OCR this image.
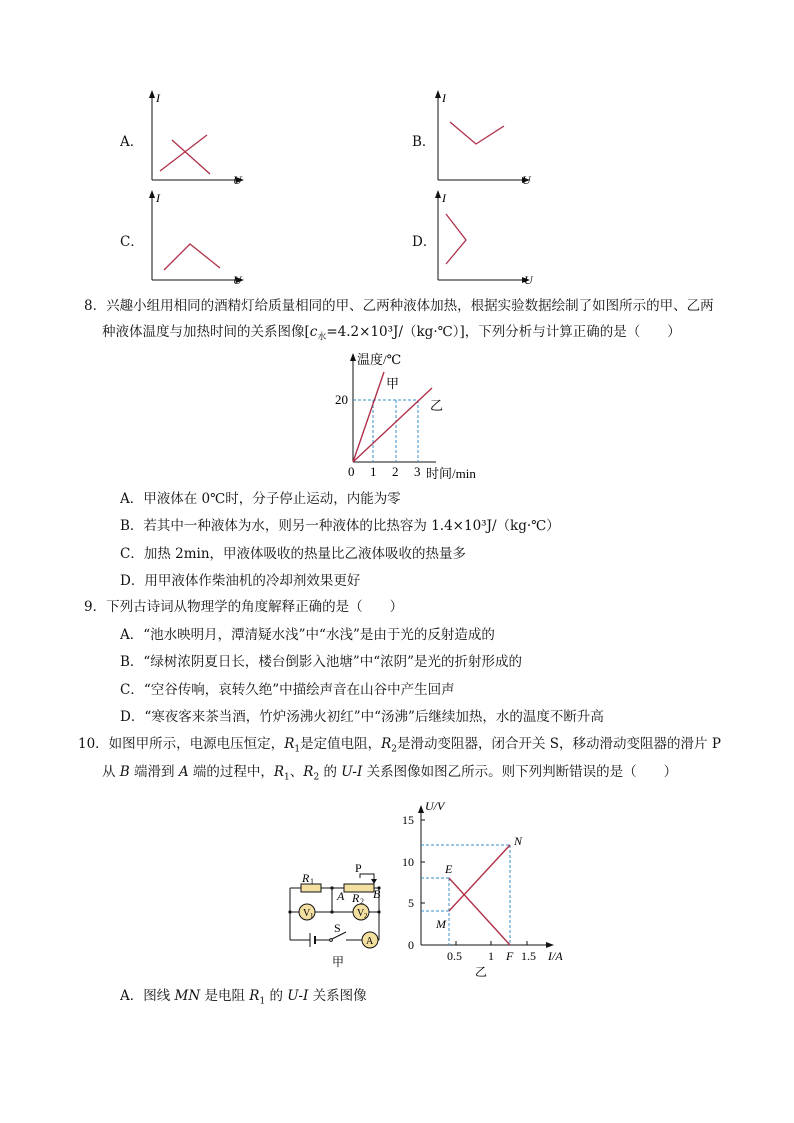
A．
I
U
B．
I
U
C．
I
U
D．
I
U
8．兴趣小组用相同的酒精灯给质量相同的甲、乙两种液体加热，根据实验数据绘制了如图所示的甲、乙两
种液体温度与加热时间的关系图像$[c_水=4.2\times 10^3J/(kg\cdot℃)]$，下列分析与计算正确的是（　　）
温度/℃
20
0 1 2 3 时间/min
甲
乙
A．甲液体在 0℃时，分子停止运动，内能为零
B．若其中一种液体为水，则另一种液体的比热容为 1.4×10³J/（kg·℃）
C．加热 2min，甲液体吸收的热量比乙液体吸收的热量多
D．用甲液体作柴油机的冷却剂效果更好
9．下列古诗词从物理学的角度解释正确的是（　　）
A．“池水映明月，潭清疑水浅”中“水浅”是由于光的反射造成的
B．“绿树浓阴夏日长，楼台倒影入池塘”中“浓阴”是光的折射形成的
C．“空谷传响，哀转久绝”中描绘声音在山谷中产生回声
D．“寒夜客来茶当酒，竹炉汤沸火初红”中“汤沸”后继续加热，水的温度不断升高
10．如图甲所示，电源电压恒定，$R_1$是定值电阻，$R_2$是滑动变阻器，闭合开关 S，移动滑动变阻器的滑片 P
从 B 端滑到 A 端的过程中，$R_1$、$R_2$ 的 U-I 关系图像如图乙所示。则下列判断错误的是（　　）
R 1
P
R 2
A B
V 1	V 2
S
A
甲
U/V
15
10
5
0
0.5 1 1.5 I/A
N
E
M
F
乙
A．图线 MN 是电阻 $R_1$ 的 U-I 关系图像
